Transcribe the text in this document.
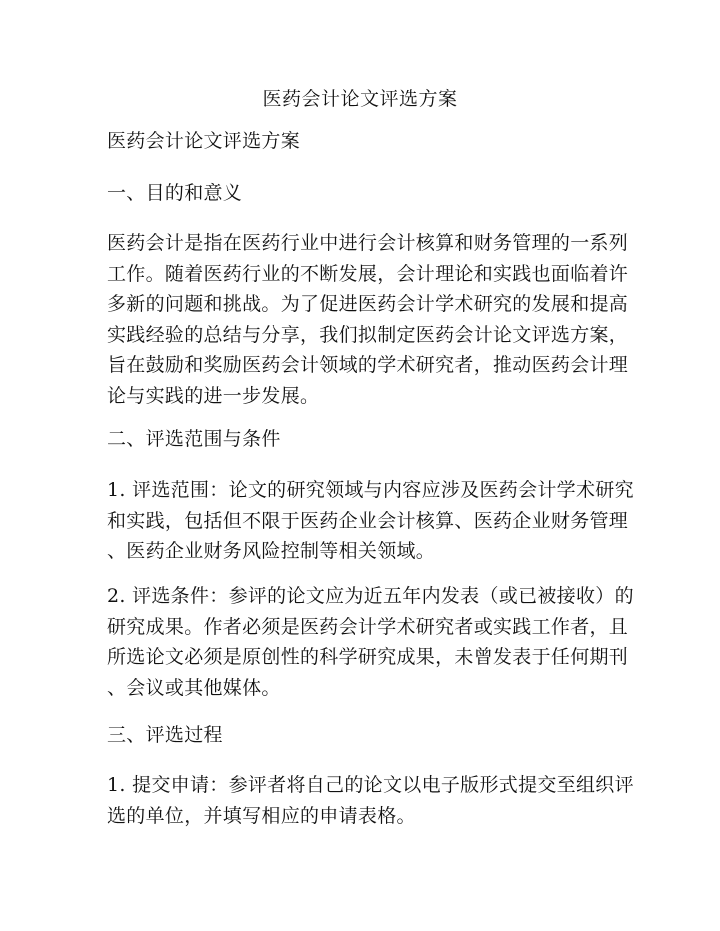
医药会计论文评选方案
医药会计论文评选方案
一、目的和意义
医药会计是指在医药行业中进行会计核算和财务管理的一系列
工作。随着医药行业的不断发展，会计理论和实践也面临着许
多新的问题和挑战。为了促进医药会计学术研究的发展和提高
实践经验的总结与分享，我们拟制定医药会计论文评选方案，
旨在鼓励和奖励医药会计领域的学术研究者，推动医药会计理
论与实践的进一步发展。
二、评选范围与条件
1. 评选范围：论文的研究领域与内容应涉及医药会计学术研究
和实践，包括但不限于医药企业会计核算、医药企业财务管理
、医药企业财务风险控制等相关领域。
2. 评选条件：参评的论文应为近五年内发表（或已被接收）的
研究成果。作者必须是医药会计学术研究者或实践工作者，且
所选论文必须是原创性的科学研究成果，未曾发表于任何期刊
、会议或其他媒体。
三、评选过程
1. 提交申请：参评者将自己的论文以电子版形式提交至组织评
选的单位，并填写相应的申请表格。
